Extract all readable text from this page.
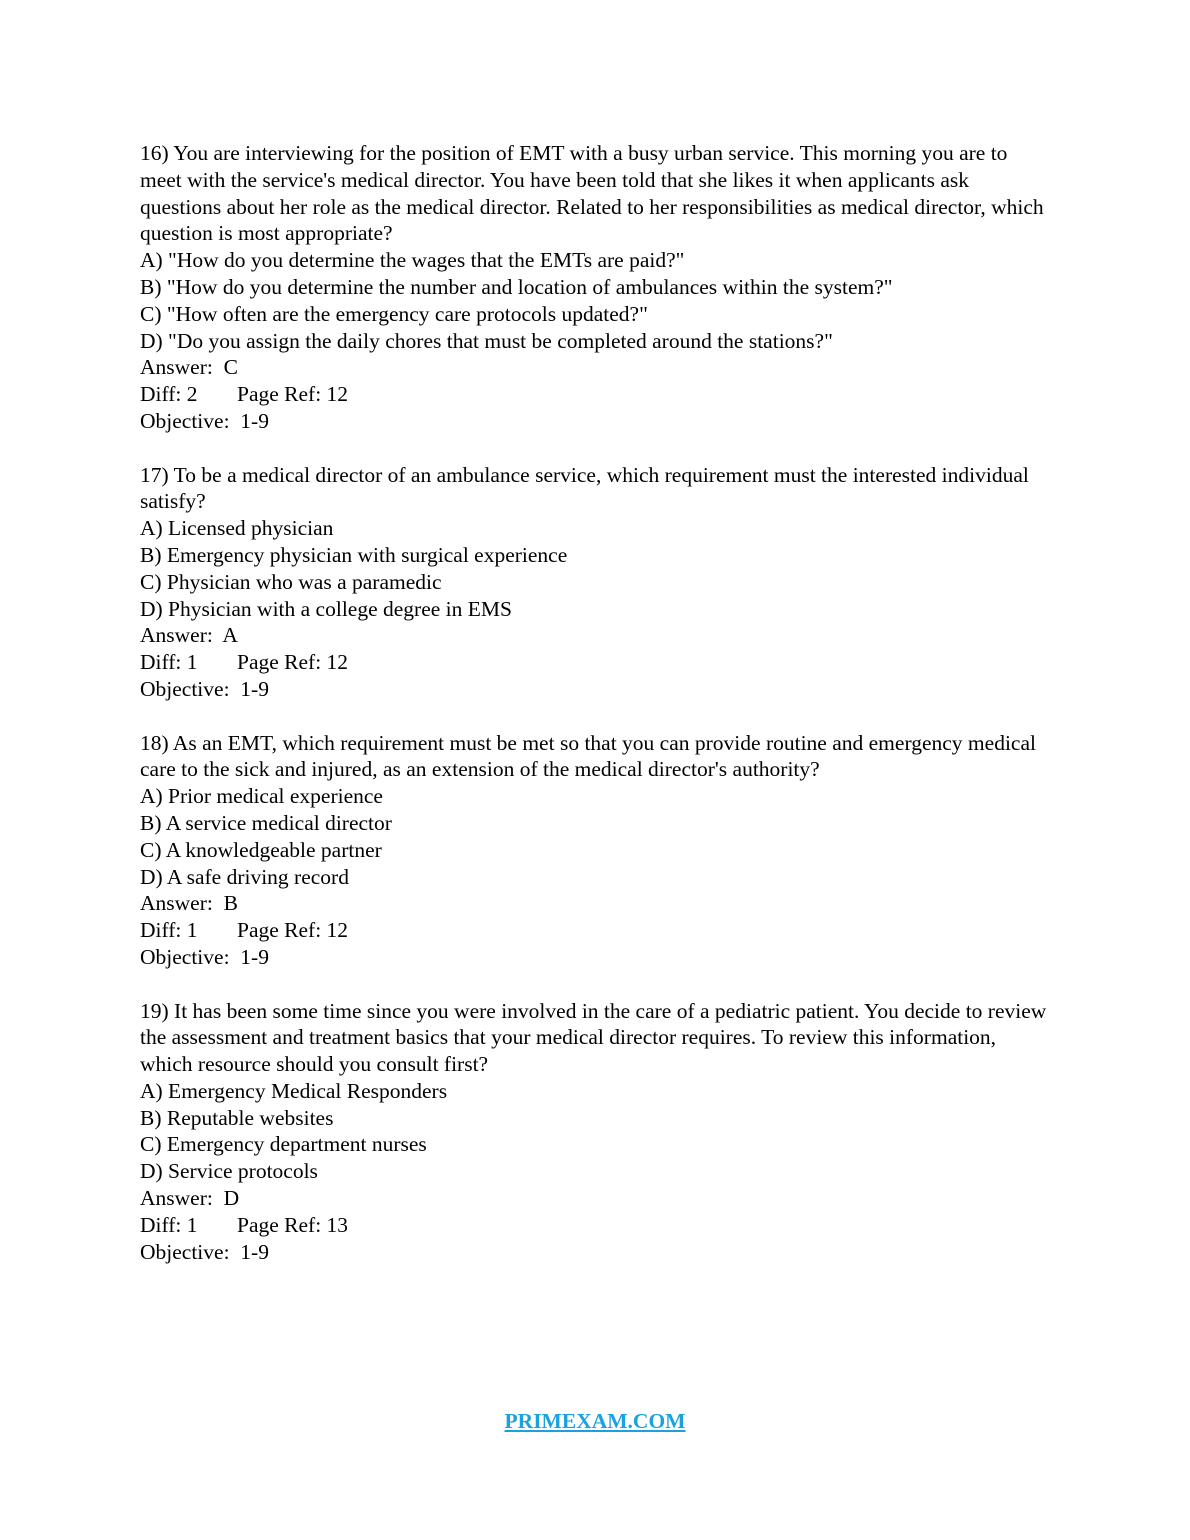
16) You are interviewing for the position of EMT with a busy urban service. This morning you are to meet with the service's medical director. You have been told that she likes it when applicants ask questions about her role as the medical director. Related to her responsibilities as medical director, which question is most appropriate?

A) "How do you determine the wages that the EMTs are paid?"
B) "How do you determine the number and location of ambulances within the system?"
C) "How often are the emergency care protocols updated?"
D) "Do you assign the daily chores that must be completed around the stations?"
Answer:  C
Diff: 2 Page Ref: 12
Objective:  1-9

17) To be a medical director of an ambulance service, which requirement must the interested individual satisfy?

A) Licensed physician
B) Emergency physician with surgical experience
C) Physician who was a paramedic
D) Physician with a college degree in EMS
Answer:  A
Diff: 1 Page Ref: 12
Objective:  1-9

18) As an EMT, which requirement must be met so that you can provide routine and emergency medical care to the sick and injured, as an extension of the medical director's authority?

A) Prior medical experience
B) A service medical director
C) A knowledgeable partner
D) A safe driving record
Answer:  B
Diff: 1 Page Ref: 12
Objective:  1-9

19) It has been some time since you were involved in the care of a pediatric patient. You decide to review the assessment and treatment basics that your medical director requires. To review this information, which resource should you consult first?

A) Emergency Medical Responders
B) Reputable websites
C) Emergency department nurses
D) Service protocols
Answer:  D
Diff: 1 Page Ref: 13
Objective:  1-9
PRIMEXAM.COM
